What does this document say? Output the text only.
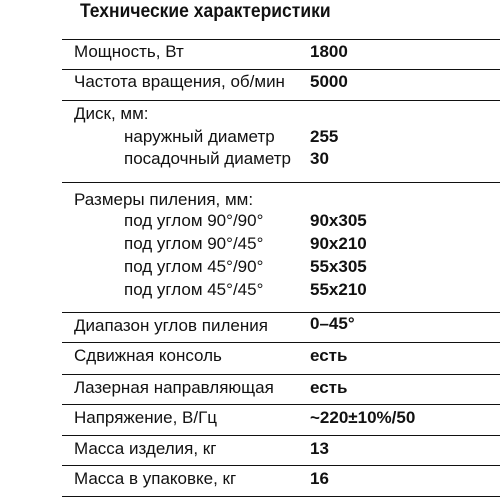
Технические характеристики
Мощность, Вт	1800
Частота вращения, об/мин 5000
Диск, мм:
наружный диаметр 255
посадочный диаметр 30
Размеры пиления, мм:
под углом 90°/90°	90х305
под углом 90°/45°	90х210
под углом 45°/90°	55х305
под углом 45°/45°	55х210
Диапазон углов пиления 0–45°
Сдвижная консоль	есть
Лазерная направляющая есть
Напряжение, В/Гц	~220±10%/50
Масса изделия, кг	13
Масса в упаковке, кг	16
